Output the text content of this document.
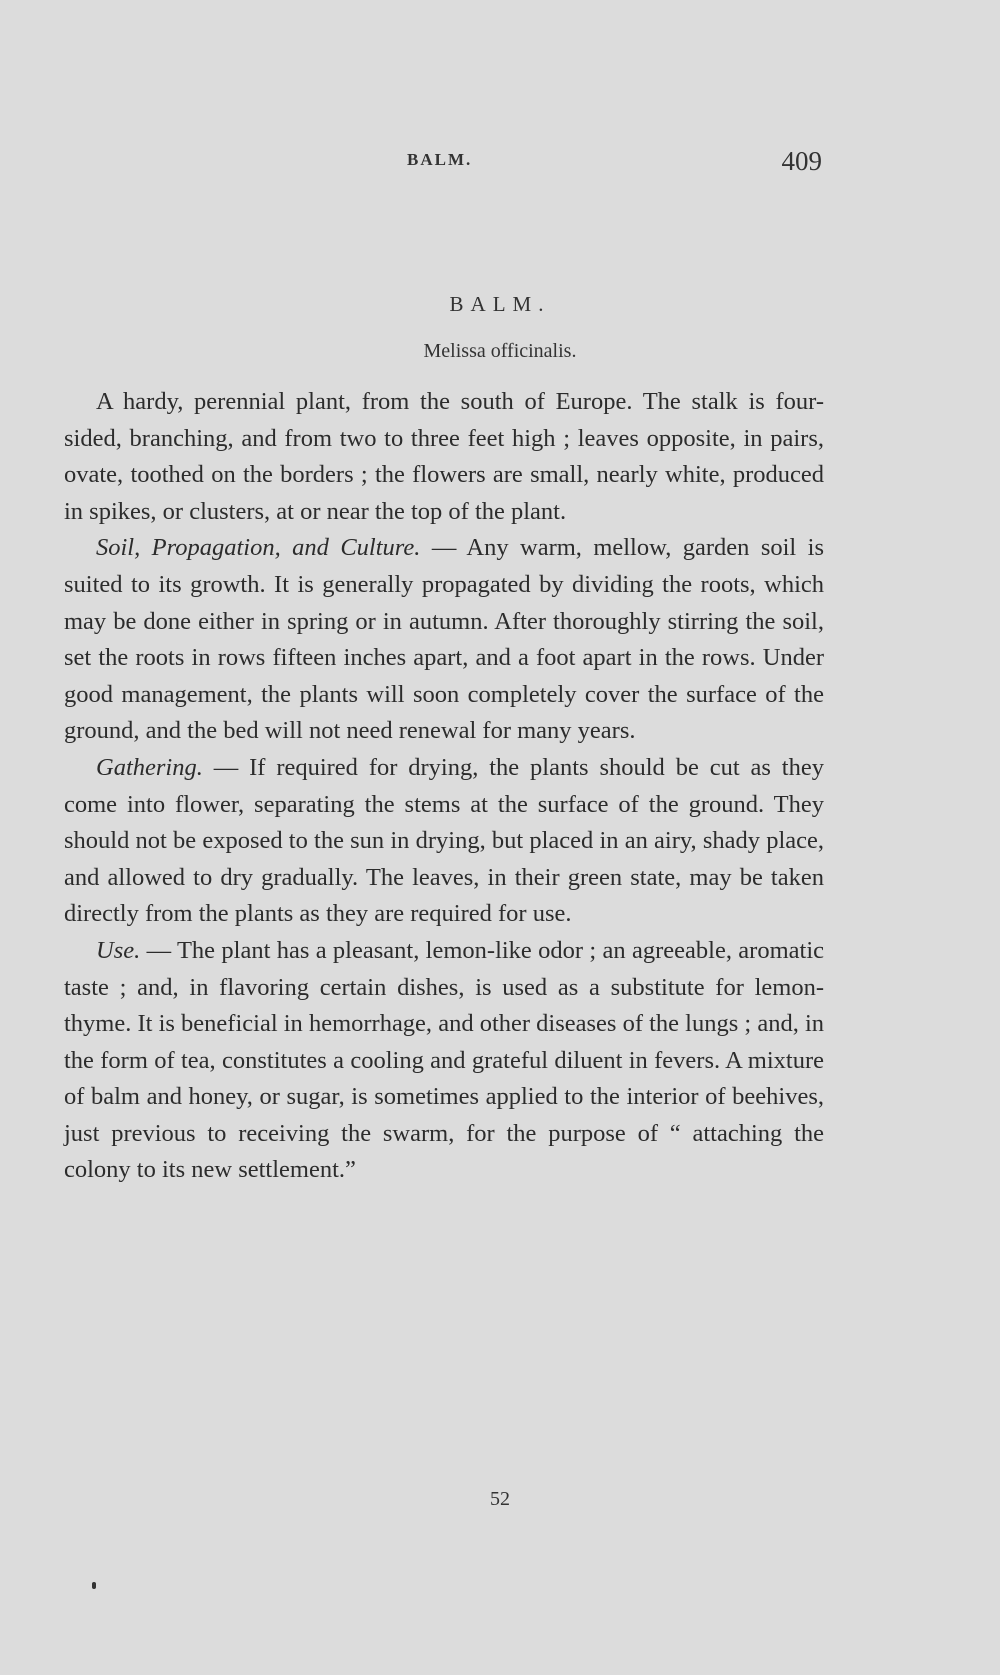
BALM.	409
BALM.
Melissa officinalis.

A hardy, perennial plant, from the south of Europe. The stalk is four-sided, branching, and from two to three feet high ; leaves opposite, in pairs, ovate, toothed on the borders ; the flowers are small, nearly white, produced in spikes, or clusters, at or near the top of the plant.

Soil, Propagation, and Culture. — Any warm, mellow, garden soil is suited to its growth. It is generally propagated by dividing the roots, which may be done either in spring or in autumn. After thoroughly stirring the soil, set the roots in rows fifteen inches apart, and a foot apart in the rows. Under good management, the plants will soon completely cover the surface of the ground, and the bed will not need renewal for many years.

Gathering. — If required for drying, the plants should be cut as they come into flower, separating the stems at the surface of the ground. They should not be exposed to the sun in drying, but placed in an airy, shady place, and allowed to dry gradually. The leaves, in their green state, may be taken directly from the plants as they are required for use.

Use. — The plant has a pleasant, lemon-like odor ; an agreeable, aromatic taste ; and, in flavoring certain dishes, is used as a substitute for lemon-thyme. It is beneficial in hemorrhage, and other diseases of the lungs ; and, in the form of tea, constitutes a cooling and grateful diluent in fevers. A mixture of balm and honey, or sugar, is sometimes applied to the interior of beehives, just previous to receiving the swarm, for the purpose of “ attaching the colony to its new settlement.”

52
